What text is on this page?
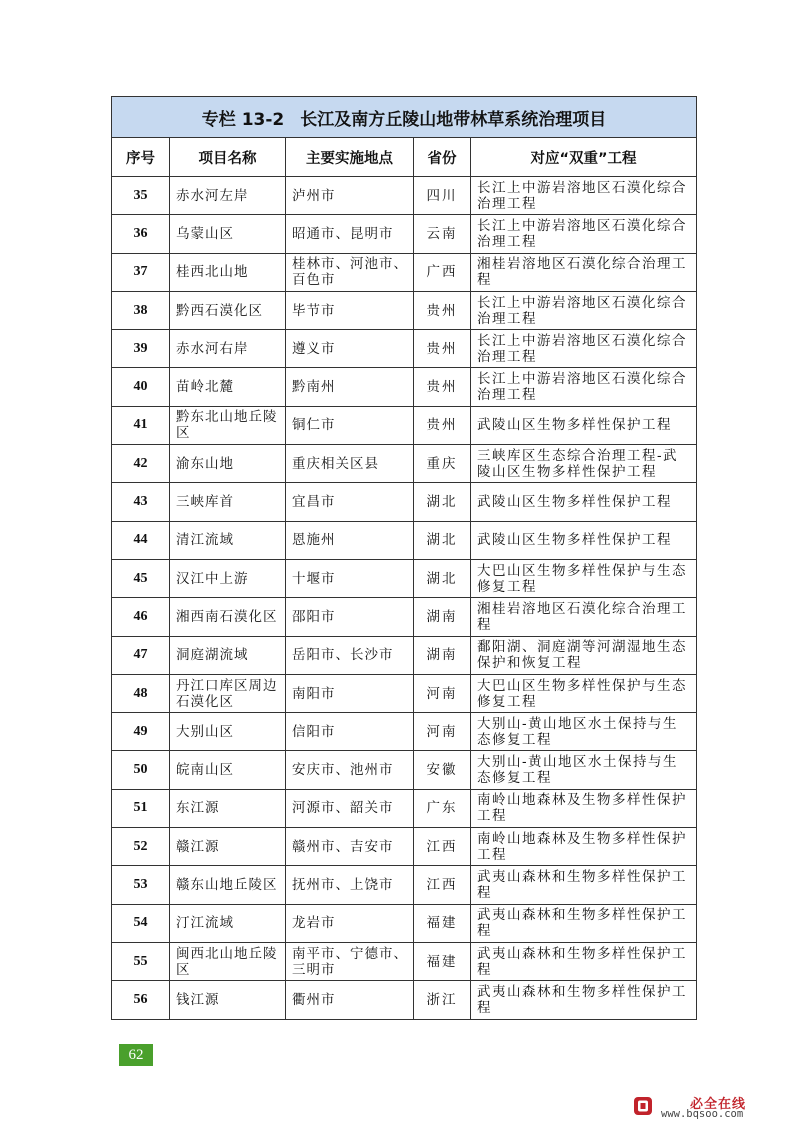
专栏 13-2 长江及南方丘陵山地带林草系统治理项目				
序号	项目名称	主要实施地点	省份	对应“双重”工程
35	赤水河左岸	泸州市	四川	长江上中游岩溶地区石漠化综合治理工程
36	乌蒙山区	昭通市、昆明市	云南	长江上中游岩溶地区石漠化综合治理工程
37	桂西北山地	桂林市、河池市、百色市	广西	湘桂岩溶地区石漠化综合治理工程
38	黔西石漠化区	毕节市	贵州	长江上中游岩溶地区石漠化综合治理工程
39	赤水河右岸	遵义市	贵州	长江上中游岩溶地区石漠化综合治理工程
40	苗岭北麓	黔南州	贵州	长江上中游岩溶地区石漠化综合治理工程
41	黔东北山地丘陵区	铜仁市	贵州	武陵山区生物多样性保护工程
42	渝东山地	重庆相关区县	重庆	三峡库区生态综合治理工程-武陵山区生物多样性保护工程
43	三峡库首	宜昌市	湖北	武陵山区生物多样性保护工程
44	清江流域	恩施州	湖北	武陵山区生物多样性保护工程
45	汉江中上游	十堰市	湖北	大巴山区生物多样性保护与生态修复工程
46	湘西南石漠化区	邵阳市	湖南	湘桂岩溶地区石漠化综合治理工程
47	洞庭湖流域	岳阳市、长沙市	湖南	鄱阳湖、洞庭湖等河湖湿地生态保护和恢复工程
48	丹江口库区周边石漠化区	南阳市	河南	大巴山区生物多样性保护与生态修复工程
49	大别山区	信阳市	河南	大别山-黄山地区水土保持与生态修复工程
50	皖南山区	安庆市、池州市	安徽	大别山-黄山地区水土保持与生态修复工程
51	东江源	河源市、韶关市	广东	南岭山地森林及生物多样性保护工程
52	赣江源	赣州市、吉安市	江西	南岭山地森林及生物多样性保护工程
53	赣东山地丘陵区	抚州市、上饶市	江西	武夷山森林和生物多样性保护工程
54	汀江流域	龙岩市	福建	武夷山森林和生物多样性保护工程
55	闽西北山地丘陵区	南平市、宁德市、三明市	福建	武夷山森林和生物多样性保护工程
56	钱江源	衢州市	浙江	武夷山森林和生物多样性保护工程
62
必全在线
www.bqsoo.com
